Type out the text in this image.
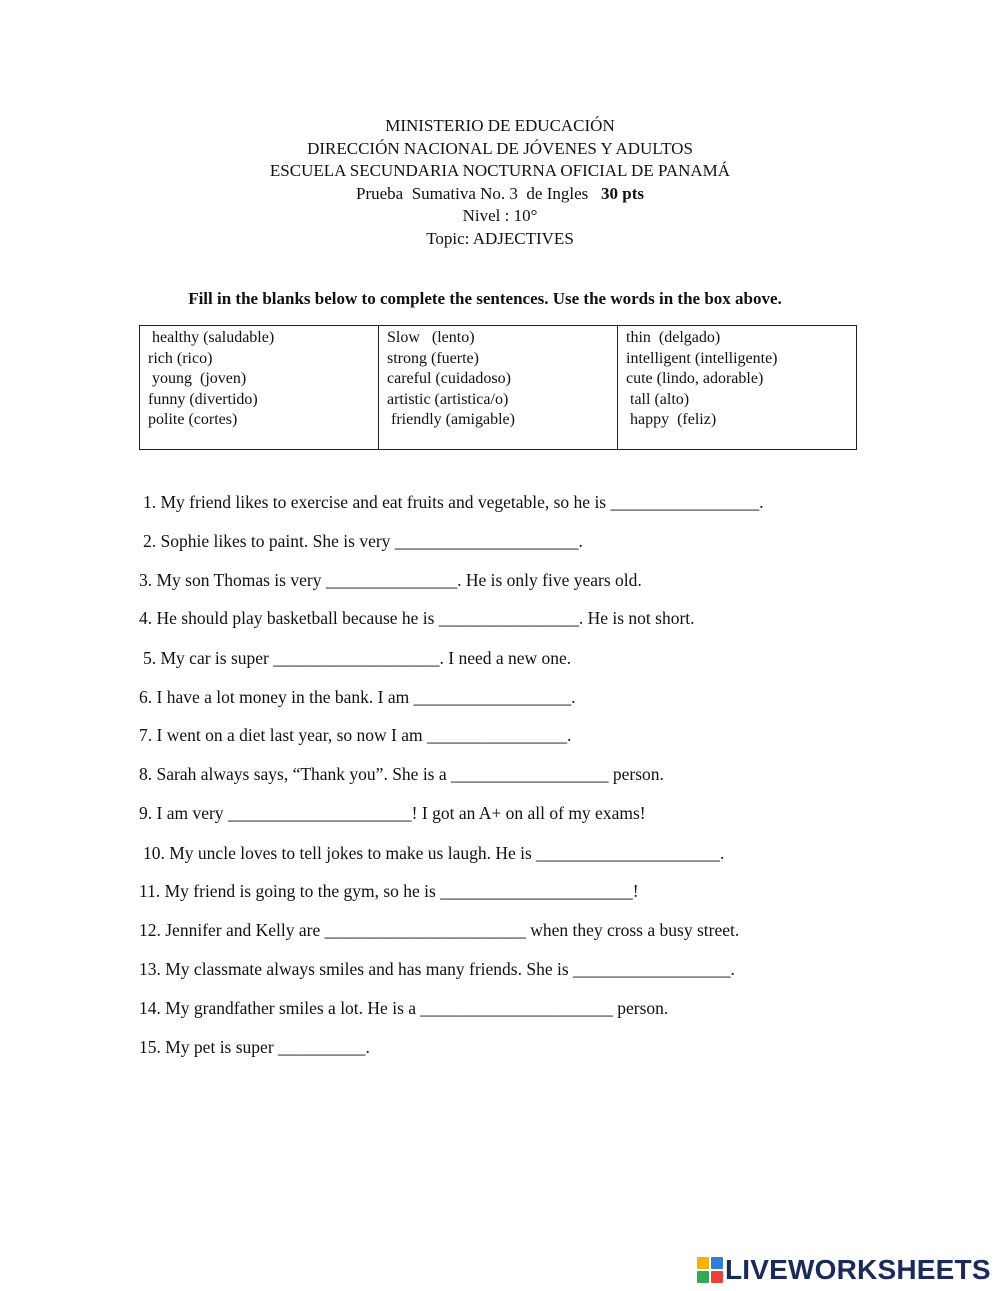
MINISTERIO DE EDUCACIÓN
DIRECCIÓN NACIONAL DE JÓVENES Y ADULTOS
ESCUELA SECUNDARIA NOCTURNA OFICIAL DE PANAMÁ
Prueba  Sumativa No. 3  de Ingles   30 pts
Nivel : 10°
Topic: ADJECTIVES
Fill in the blanks below to complete the sentences. Use the words in the box above.
healthy (saludable)
rich (rico)
young  (joven)
funny (divertido)
polite (cortes)
Slow   (lento)
strong (fuerte)
careful (cuidadoso)
artistic (artistica/o)
friendly (amigable)
thin  (delgado)
intelligent (intelligente)
cute (lindo, adorable)
tall (alto)
happy  (feliz)
1. My friend likes to exercise and eat fruits and vegetable, so he is _________________.
2. Sophie likes to paint. She is very _____________________.
3. My son Thomas is very _______________. He is only five years old.
4. He should play basketball because he is ________________. He is not short.
5. My car is super ___________________. I need a new one.
6. I have a lot money in the bank. I am __________________.
7. I went on a diet last year, so now I am ________________.
8. Sarah always says, “Thank you”. She is a __________________ person.
9. I am very _____________________! I got an A+ on all of my exams!
10. My uncle loves to tell jokes to make us laugh. He is _____________________.
11. My friend is going to the gym, so he is ______________________!
12. Jennifer and Kelly are _______________________ when they cross a busy street.
13. My classmate always smiles and has many friends. She is __________________.
14. My grandfather smiles a lot. He is a ______________________ person.
15. My pet is super __________.
LIVEWORKSHEETS
